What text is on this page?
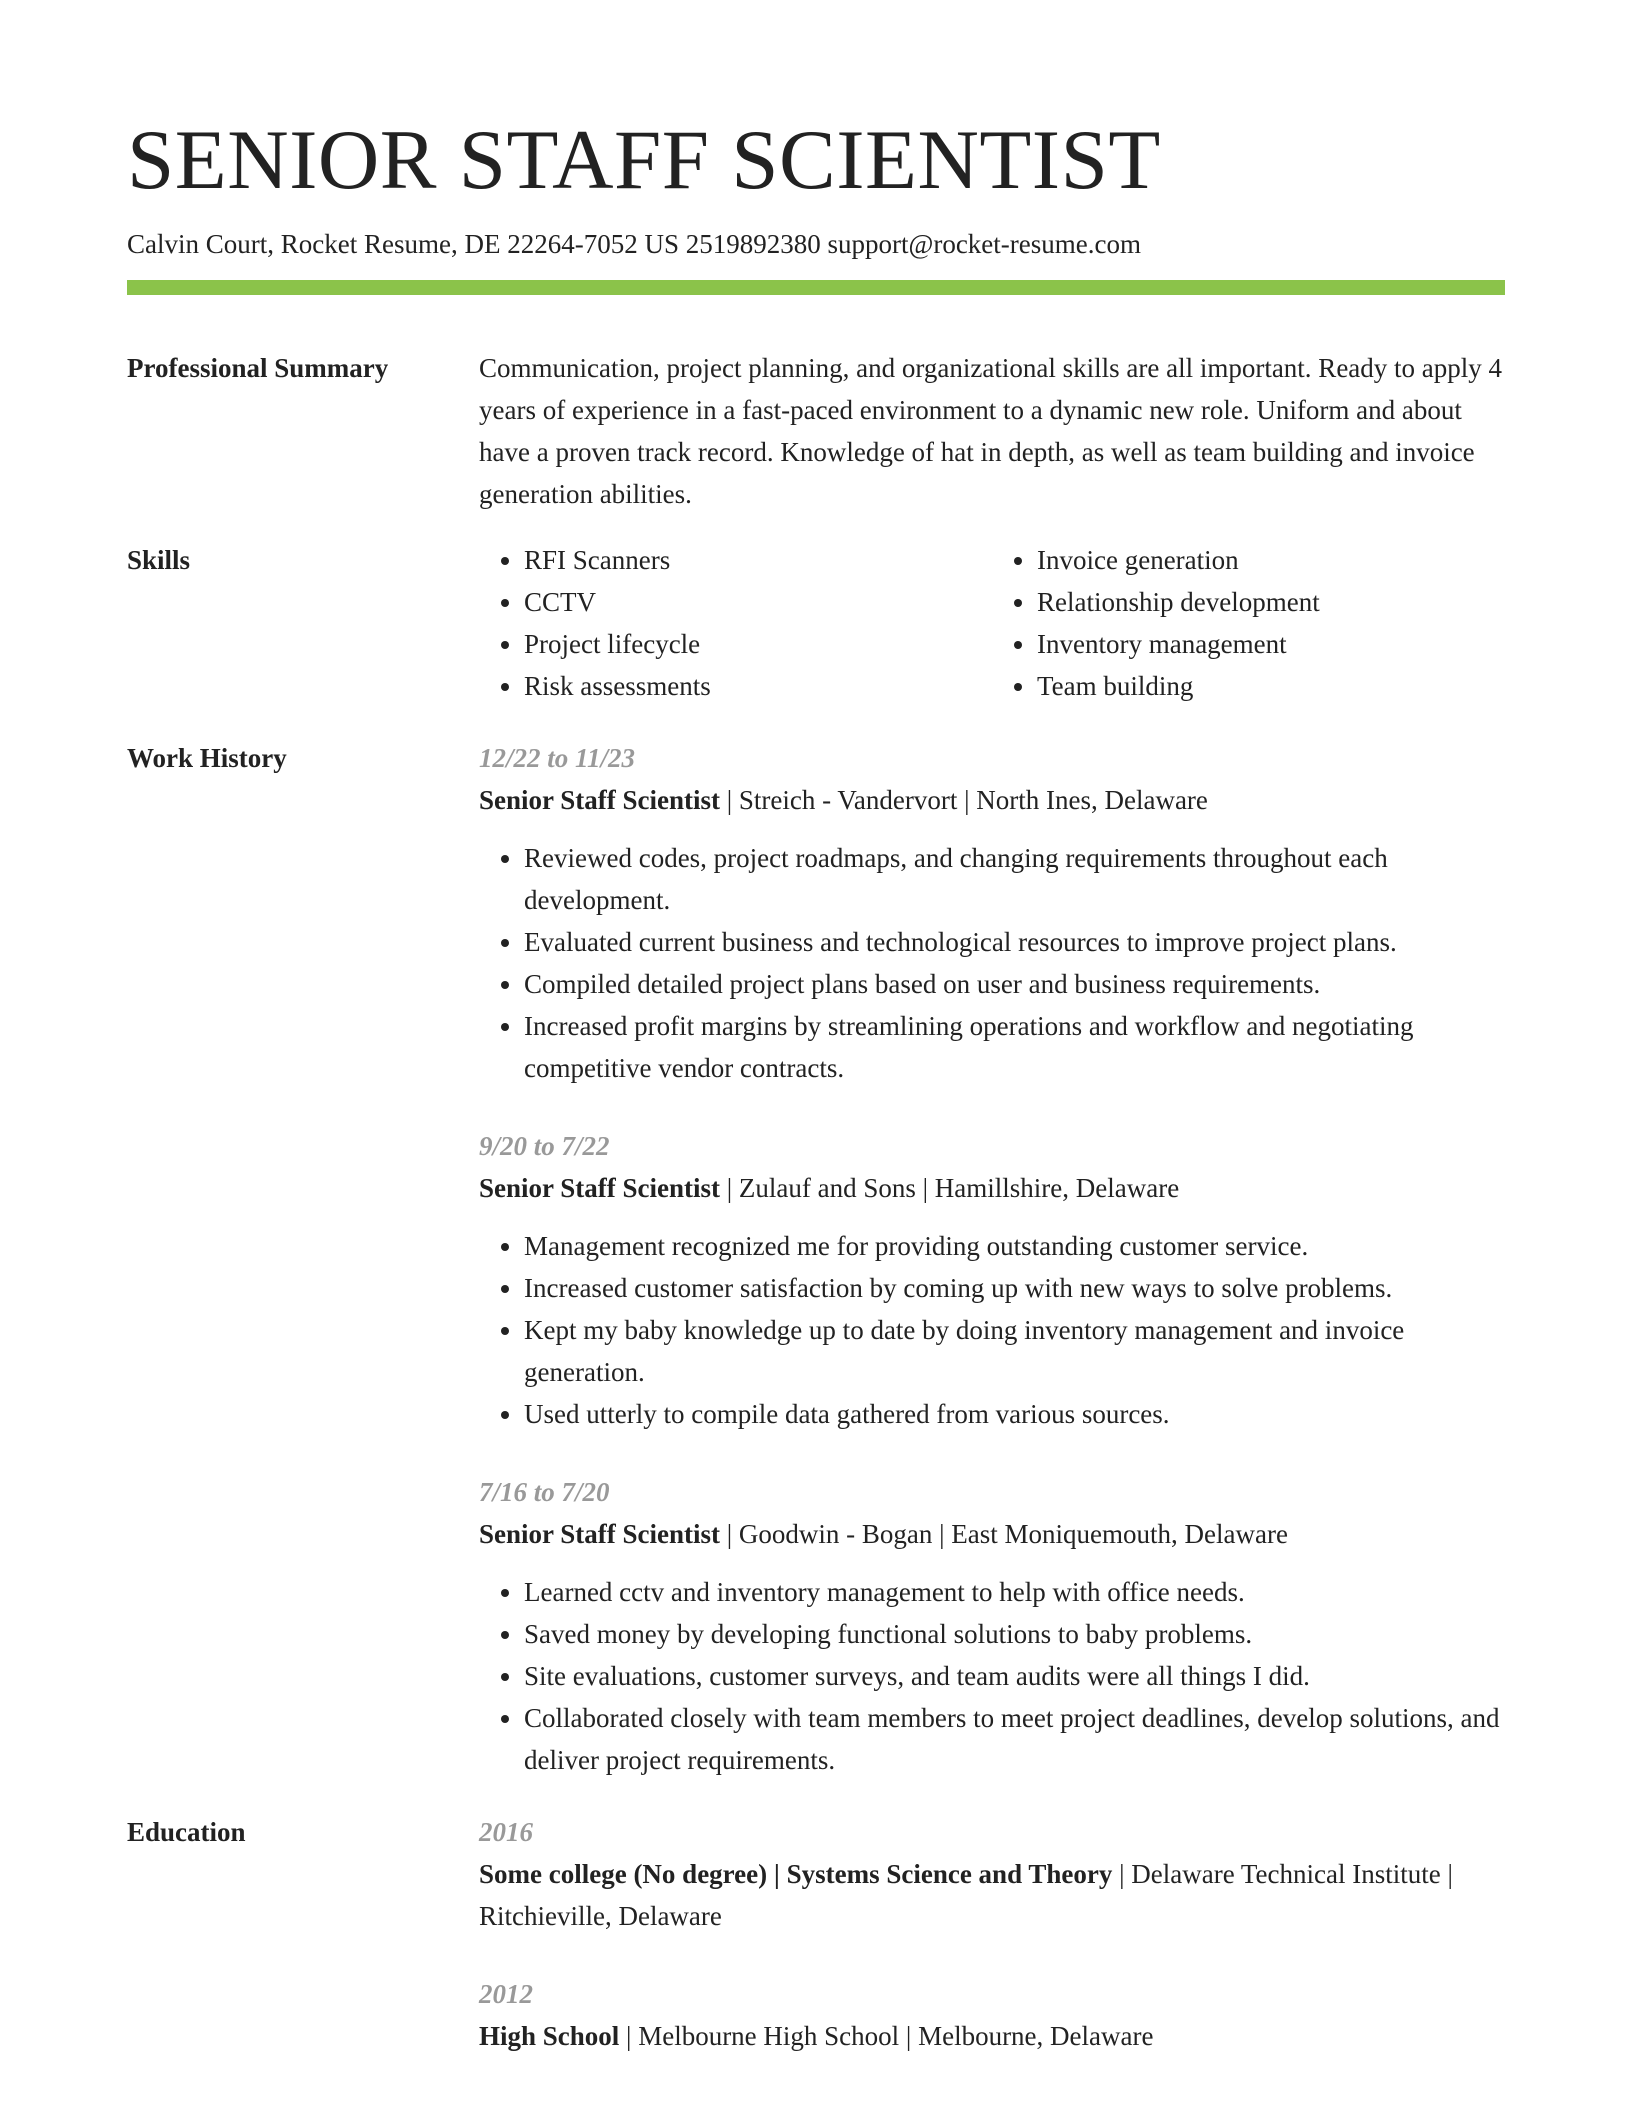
SENIOR STAFF SCIENTIST
Calvin Court, Rocket Resume, DE 22264-7052 US 2519892380 support@rocket-resume.com
Professional Summary	Communication, project planning, and organizational skills are all important. Ready to apply 4 years of experience in a fast-paced environment to a dynamic new role. Uniform and about have a proven track record. Knowledge of hat in depth, as well as team building and invoice generation abilities.

Skills
•	RFI Scanners
• CCTV
• Project lifecycle
• Risk assessments
• Invoice generation
• Relationship development
• Inventory management
• Team building
Work History	12/22 to 11/23
Senior Staff Scientist | Streich - Vandervort | North Ines, Delaware
• Reviewed codes, project roadmaps, and changing requirements throughout each development.
• Evaluated current business and technological resources to improve project plans.
• Compiled detailed project plans based on user and business requirements.
• Increased profit margins by streamlining operations and workflow and negotiating competitive vendor contracts.
9/20 to 7/22
Senior Staff Scientist | Zulauf and Sons | Hamillshire, Delaware
• Management recognized me for providing outstanding customer service.
• Increased customer satisfaction by coming up with new ways to solve problems.
• Kept my baby knowledge up to date by doing inventory management and invoice generation.
• Used utterly to compile data gathered from various sources.
7/16 to 7/20
Senior Staff Scientist | Goodwin - Bogan | East Moniquemouth, Delaware
• Learned cctv and inventory management to help with office needs.
• Saved money by developing functional solutions to baby problems.
• Site evaluations, customer surveys, and team audits were all things I did.
• Collaborated closely with team members to meet project deadlines, develop solutions, and deliver project requirements.
Education	2016
Some college (No degree) | Systems Science and Theory | Delaware Technical Institute | Ritchieville, Delaware
2012
High School | Melbourne High School | Melbourne, Delaware
